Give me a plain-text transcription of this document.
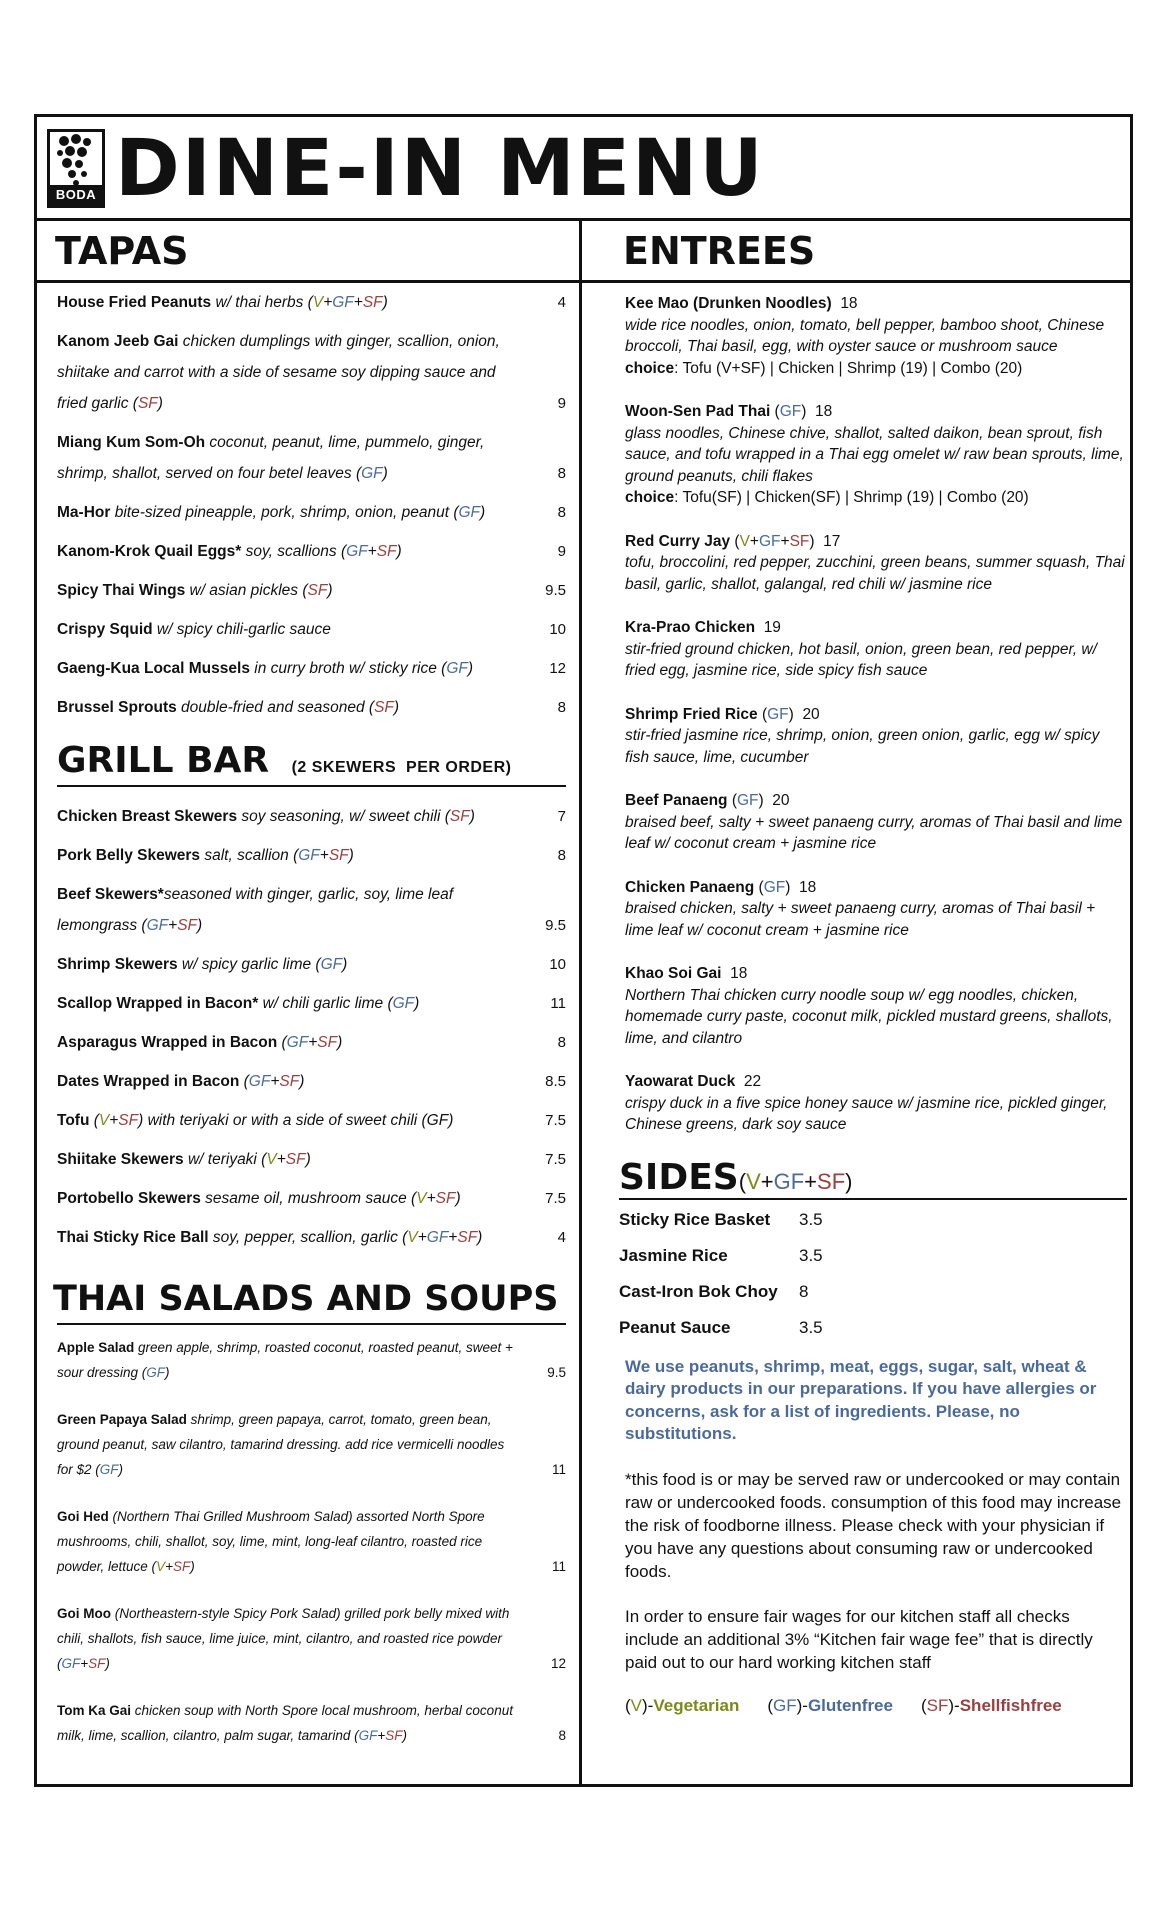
BODA DINE-IN MENU
TAPAS	ENTREES
House Fried Peanuts w/ thai herbs (V+GF+SF)	4
Kanom Jeeb Gai chicken dumplings with ginger, scallion, onion, shiitake and carrot with a side of sesame soy dipping sauce and fried garlic (SF)	9
Miang Kum Som-Oh coconut, peanut, lime, pummelo, ginger, shrimp, shallot, served on four betel leaves (GF)	8
Ma-Hor bite-sized pineapple, pork, shrimp, onion, peanut (GF)	8
Kanom-Krok Quail Eggs* soy, scallions (GF+SF)	9
Spicy Thai Wings w/ asian pickles (SF)	9.5
Crispy Squid w/ spicy chili-garlic sauce	10
Gaeng-Kua Local Mussels in curry broth w/ sticky rice (GF)	12
Brussel Sprouts double-fried and seasoned (SF)	8
GRILL BAR (2 SKEWERS  PER ORDER)
Chicken Breast Skewers soy seasoning, w/ sweet chili (SF)	7
Pork Belly Skewers salt, scallion (GF+SF)	8
Beef Skewers*seasoned with ginger, garlic, soy, lime leaf lemongrass (GF+SF)	9.5
Shrimp Skewers w/ spicy garlic lime (GF)	10
Scallop Wrapped in Bacon* w/ chili garlic lime (GF)	11
Asparagus Wrapped in Bacon (GF+SF)	8
Dates Wrapped in Bacon (GF+SF)	8.5
Tofu (V+SF) with teriyaki or with a side of sweet chili (GF)	7.5
Shiitake Skewers w/ teriyaki (V+SF)	7.5
Portobello Skewers sesame oil, mushroom sauce (V+SF)	7.5
Thai Sticky Rice Ball soy, pepper, scallion, garlic (V+GF+SF)	4
THAI SALADS AND SOUPS
Apple Salad green apple, shrimp, roasted coconut, roasted peanut, sweet + sour dressing (GF)	9.5
Green Papaya Salad shrimp, green papaya, carrot, tomato, green bean, ground peanut, saw cilantro, tamarind dressing. add rice vermicelli noodles for $2 (GF)	11
Goi Hed (Northern Thai Grilled Mushroom Salad) assorted North Spore mushrooms, chili, shallot, soy, lime, mint, long-leaf cilantro, roasted rice powder, lettuce (V+SF)	11
Goi Moo (Northeastern-style Spicy Pork Salad) grilled pork belly mixed with chili, shallots, fish sauce, lime juice, mint, cilantro, and roasted rice powder (GF+SF)	12
Tom Ka Gai chicken soup with North Spore local mushroom, herbal coconut milk, lime, scallion, cilantro, palm sugar, tamarind (GF+SF)	8
Kee Mao (Drunken Noodles)  18
wide rice noodles, onion, tomato, bell pepper, bamboo shoot, Chinese broccoli, Thai basil, egg, with oyster sauce or mushroom sauce
choice: Tofu (V+SF) | Chicken | Shrimp (19) | Combo (20)
Woon-Sen Pad Thai (GF)  18
glass noodles, Chinese chive, shallot, salted daikon, bean sprout, fish sauce, and tofu wrapped in a Thai egg omelet w/ raw bean sprouts, lime, ground peanuts, chili flakes
choice: Tofu(SF) | Chicken(SF) | Shrimp (19) | Combo (20)
Red Curry Jay (V+GF+SF)  17
tofu, broccolini, red pepper, zucchini, green beans, summer squash, Thai basil, garlic, shallot, galangal, red chili w/ jasmine rice
Kra-Prao Chicken  19
stir-fried ground chicken, hot basil, onion, green bean, red pepper, w/ fried egg, jasmine rice, side spicy fish sauce
Shrimp Fried Rice (GF)  20
stir-fried jasmine rice, shrimp, onion, green onion, garlic, egg w/ spicy fish sauce, lime, cucumber
Beef Panaeng (GF)  20
braised beef, salty + sweet panaeng curry, aromas of Thai basil and lime leaf w/ coconut cream + jasmine rice
Chicken Panaeng (GF)  18
braised chicken, salty + sweet panaeng curry, aromas of Thai basil + lime leaf w/ coconut cream + jasmine rice
Khao Soi Gai  18
Northern Thai chicken curry noodle soup w/ egg noodles, chicken, homemade curry paste, coconut milk, pickled mustard greens, shallots, lime, and cilantro
Yaowarat Duck  22
crispy duck in a five spice honey sauce w/ jasmine rice, pickled ginger, Chinese greens, dark soy sauce
SIDES(V+GF+SF)
Sticky Rice Basket	3.5
Jasmine Rice	3.5
Cast-Iron Bok Choy	8
Peanut Sauce	3.5
We use peanuts, shrimp, meat, eggs, sugar, salt, wheat & dairy products in our preparations. If you have allergies or concerns, ask for a list of ingredients. Please, no substitutions.
*this food is or may be served raw or undercooked or may contain raw or undercooked foods. consumption of this food may increase the risk of foodborne illness. Please check with your physician if you have any questions about consuming raw or undercooked foods.
In order to ensure fair wages for our kitchen staff all checks include an additional 3% “Kitchen fair wage fee” that is directly paid out to our hard working kitchen staff
(V)-Vegetarian (GF)-Glutenfree (SF)-Shellfishfree
